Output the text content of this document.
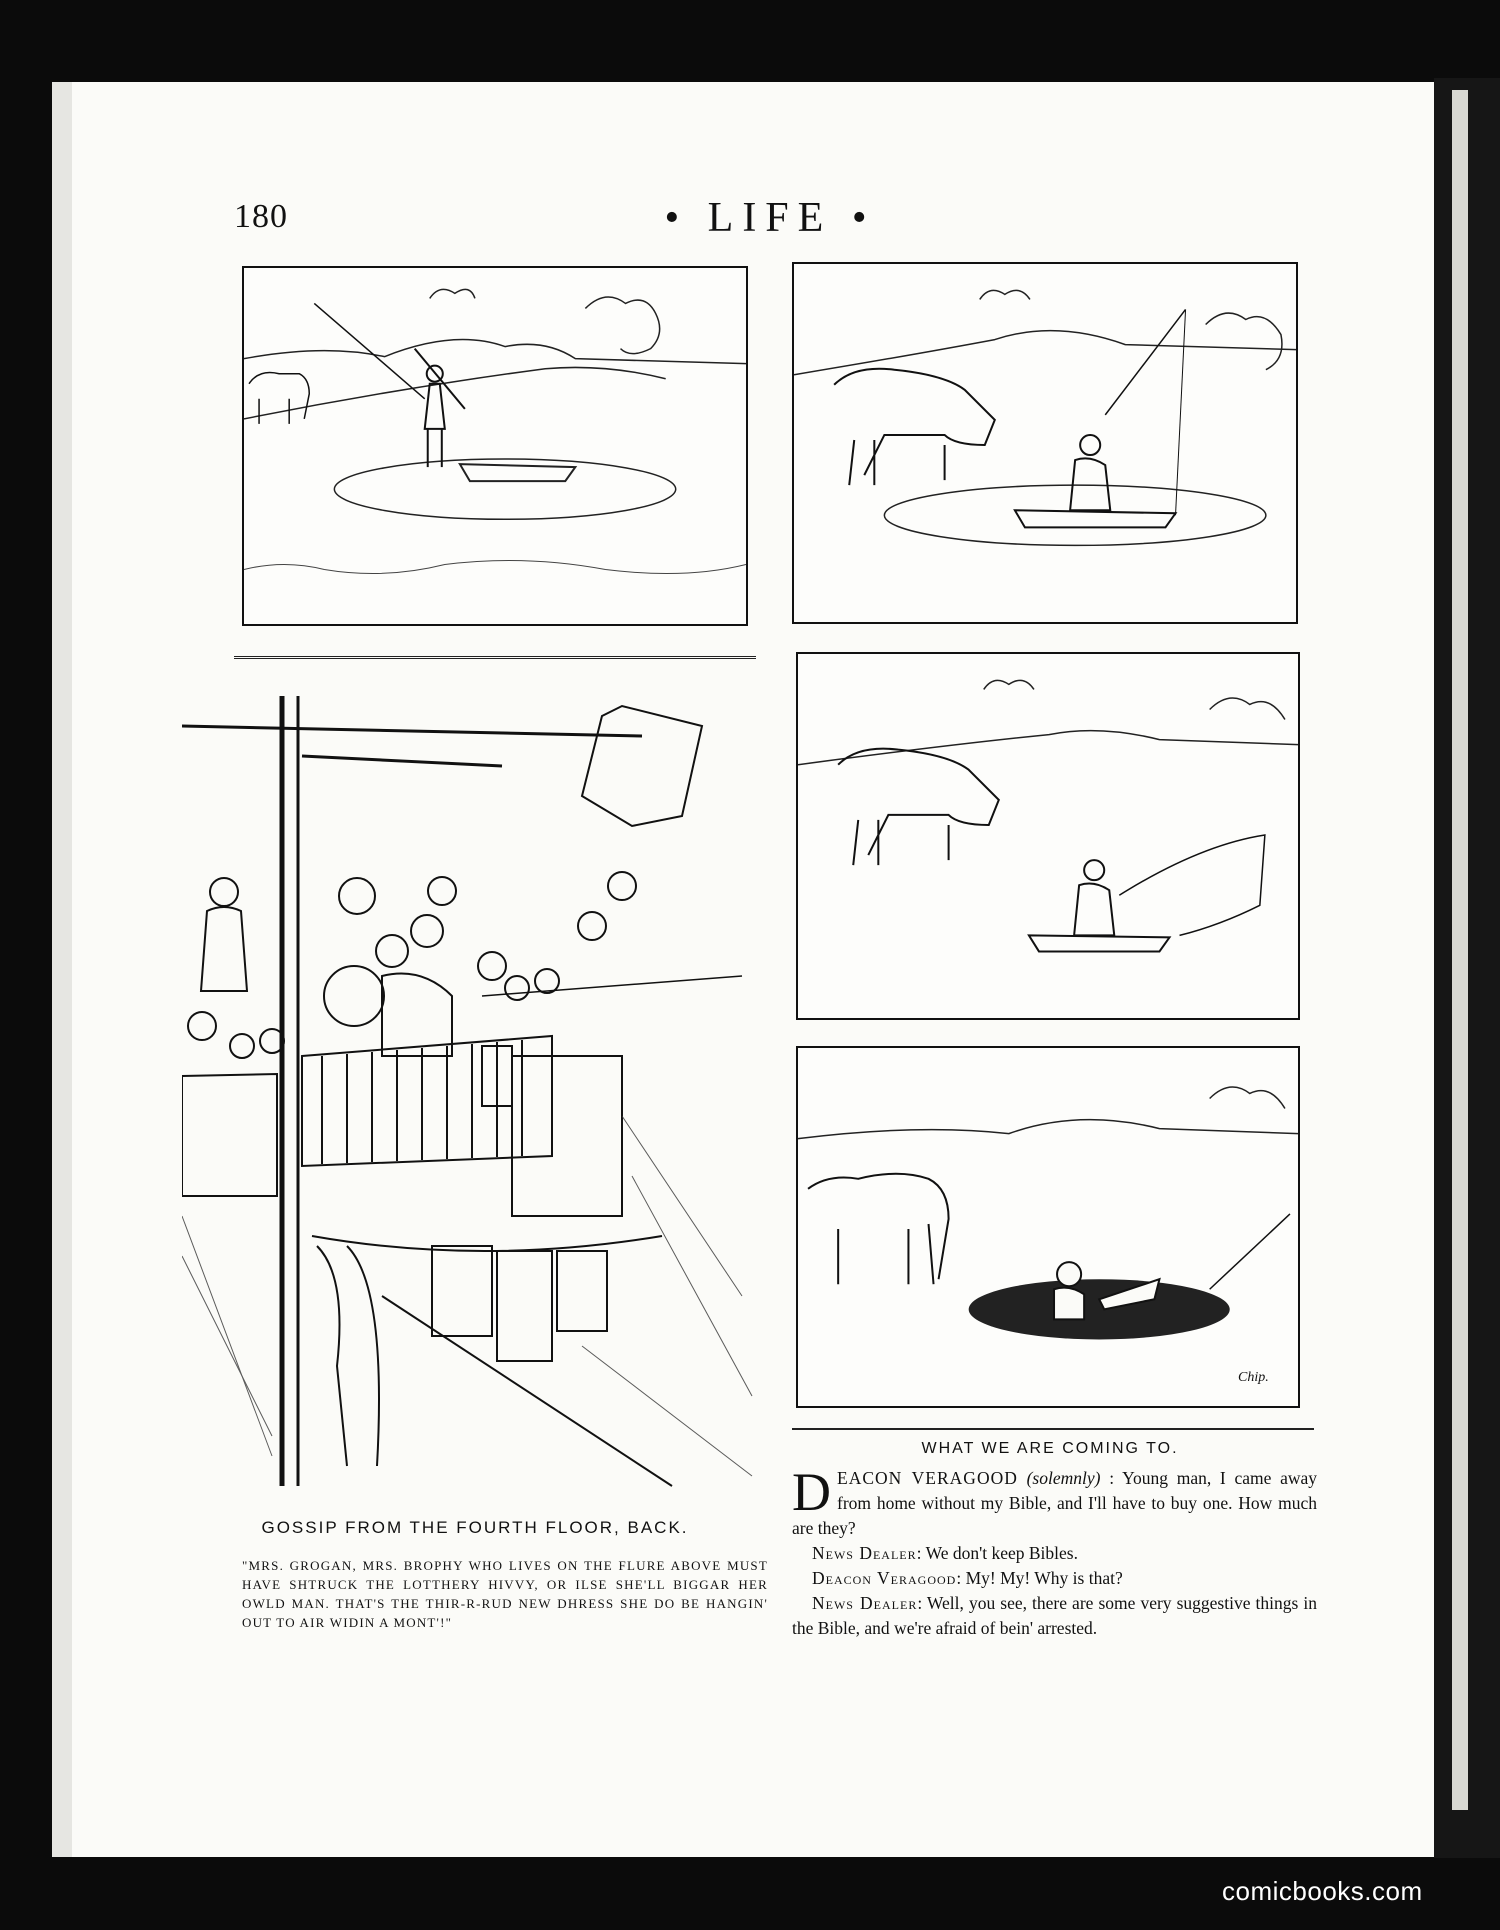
180	• LIFE •
Chip.
GOSSIP FROM THE FOURTH FLOOR, BACK.
"MRS. GROGAN, MRS. BROPHY WHO LIVES ON THE FLURE ABOVE MUST HAVE SHTRUCK THE LOTTHERY HIVVY, OR ILSE SHE'LL BIGGAR HER OWLD MAN. THAT'S THE THIR-R-RUD NEW DHRESS SHE DO BE HANGIN' OUT TO AIR WIDIN A MONT'!"
WHAT WE ARE COMING TO.

D EACON VERAGOOD (solemnly) : Young man, I came away from home without my Bible, and I'll have to buy one. How much are they?

News Dealer: We don't keep Bibles.

Deacon Veragood: My! My! Why is that?

News Dealer: Well, you see, there are some very suggestive things in the Bible, and we're afraid of bein' arrested.

comicbooks.com
